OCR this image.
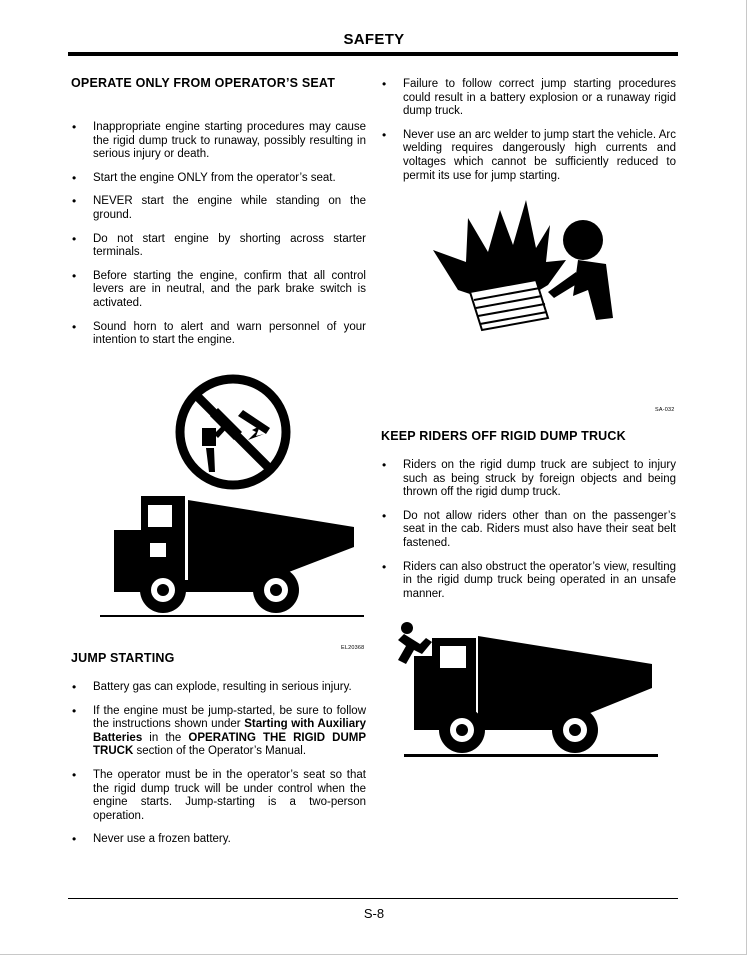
SAFETY
OPERATE ONLY FROM OPERATOR’S SEAT
• Inappropriate engine starting procedures may cause the rigid dump truck to runaway, possibly resulting in serious injury or death.
• Start the engine ONLY from the operator’s seat.
• NEVER start the engine while standing on the ground.
• Do not start engine by shorting across starter terminals.
• Before starting the engine, confirm that all control levers are in neutral, and the park brake switch is activated.
• Sound horn to alert and warn personnel of your intention to start the engine.
EL20368
JUMP STARTING
• Battery gas can explode, resulting in serious injury.
• If the engine must be jump-started, be sure to follow the instructions shown under Starting with Auxiliary Batteries in the OPERATING THE RIGID DUMP TRUCK section of the Operator’s Manual.
• The operator must be in the operator’s seat so that the rigid dump truck will be under control when the engine starts. Jump-starting is a two-person operation.
• Never use a frozen battery.
• Failure to follow correct jump starting procedures could result in a battery explosion or a runaway rigid dump truck.
• Never use an arc welder to jump start the vehicle. Arc welding requires dangerously high currents and voltages which cannot be sufficiently reduced to permit its use for jump starting.
SA-032
KEEP RIDERS OFF RIGID DUMP TRUCK
• Riders on the rigid dump truck are subject to injury such as being struck by foreign objects and being thrown off the rigid dump truck.
• Do not allow riders other than on the passenger’s seat in the cab. Riders must also have their seat belt fastened.
• Riders can also obstruct the operator’s view, resulting in the rigid dump truck being operated in an unsafe manner.
S-8
